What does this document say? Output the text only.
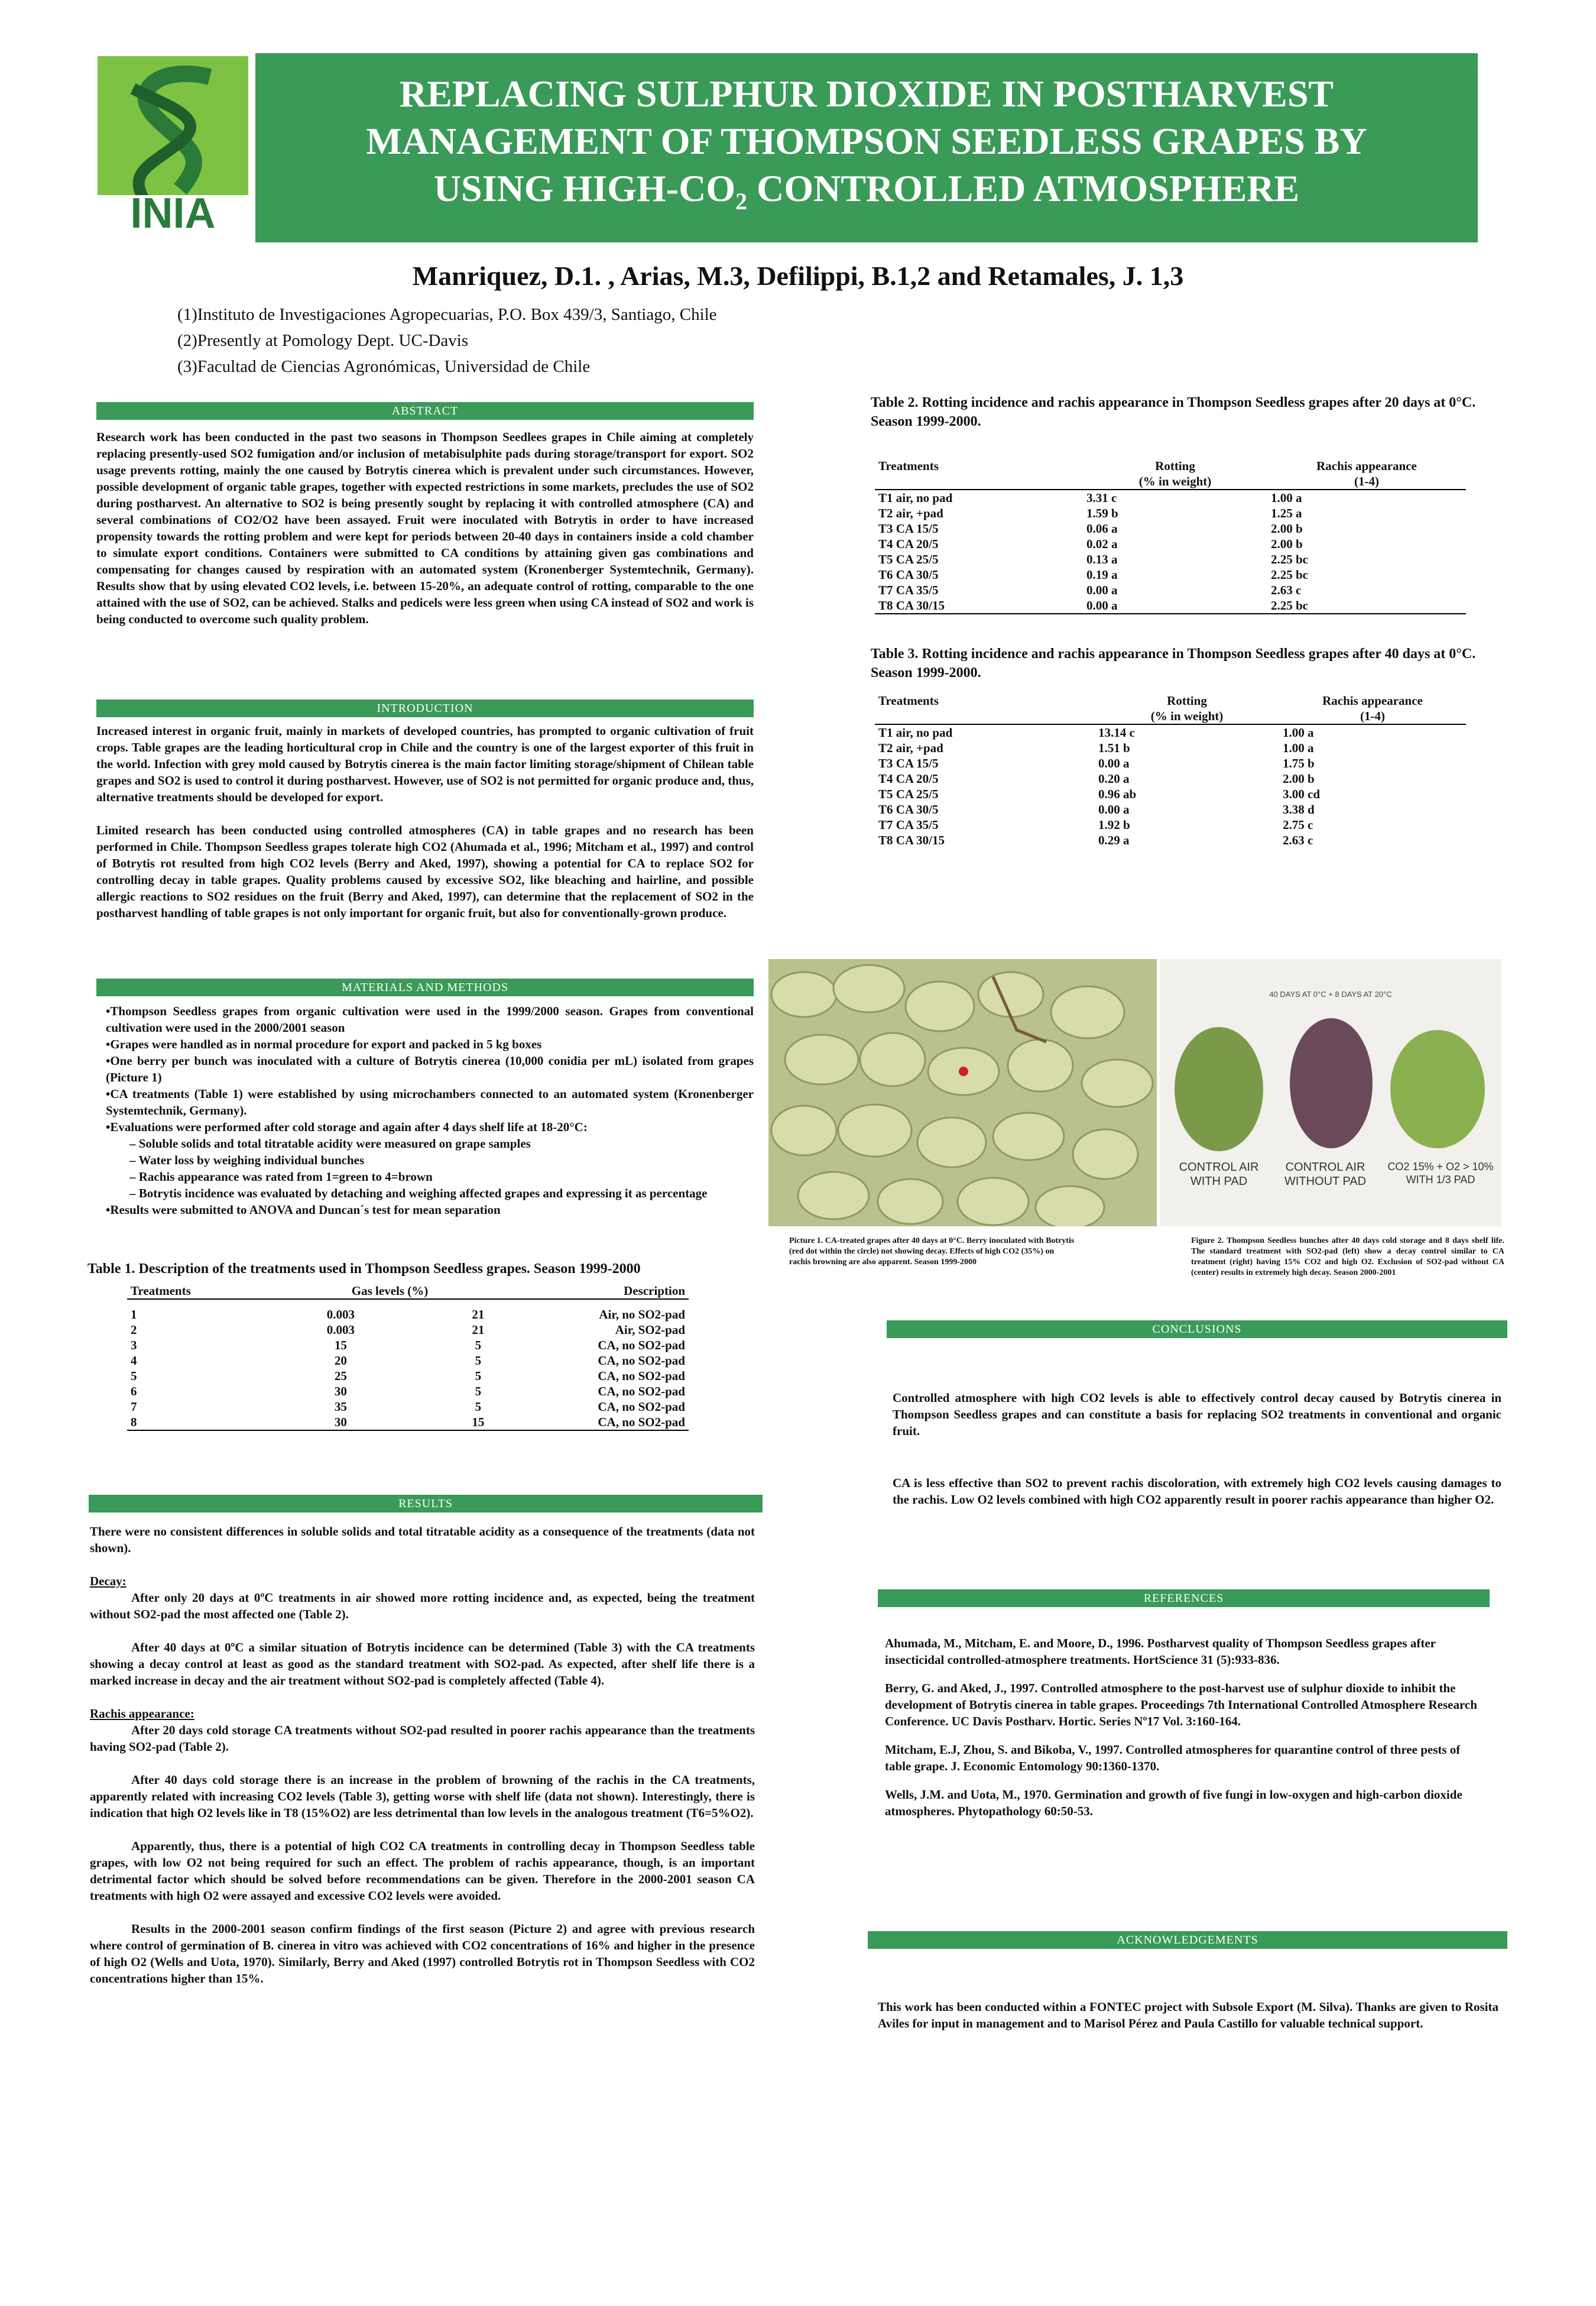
INIA
REPLACING SULPHUR DIOXIDE IN POSTHARVEST
MANAGEMENT OF THOMPSON SEEDLESS GRAPES BY
USING HIGH-$CO_2$ CONTROLLED ATMOSPHERE
Manriquez, D.1. , Arias, M.3, Defilippi, B.1,2 and Retamales, J. 1,3
(1)Instituto de Investigaciones Agropecuarias, P.O. Box 439/3, Santiago, Chile
(2)Presently at Pomology Dept. UC-Davis
(3)Facultad de Ciencias Agronómicas, Universidad de Chile
ABSTRACT
Research work has been conducted in the past two seasons in Thompson Seedlees grapes in Chile aiming at completely replacing presently-used SO2 fumigation and/or inclusion of metabisulphite pads during storage/transport for export. SO2 usage prevents rotting, mainly the one caused by Botrytis cinerea which is prevalent under such circumstances. However, possible development of organic table grapes, together with expected restrictions in some markets, precludes the use of SO2 during postharvest. An alternative to SO2 is being presently sought by replacing it with controlled atmosphere (CA) and several combinations of CO2/O2 have been assayed. Fruit were inoculated with Botrytis in order to have increased propensity towards the rotting problem and were kept for periods between 20-40 days in containers inside a cold chamber to simulate export conditions. Containers were submitted to CA conditions by attaining given gas combinations and compensating for changes caused by respiration with an automated system (Kronenberger Systemtechnik, Germany). Results show that by using elevated CO2 levels, i.e. between 15-20%, an adequate control of rotting, comparable to the one attained with the use of SO2, can be achieved. Stalks and pedicels were less green when using CA instead of SO2 and work is being conducted to overcome such quality problem.
INTRODUCTION

Increased interest in organic fruit, mainly in markets of developed countries, has prompted to organic cultivation of fruit crops. Table grapes are the leading horticultural crop in Chile and the country is one of the largest exporter of this fruit in the world. Infection with grey mold caused by Botrytis cinerea is the main factor limiting storage/shipment of Chilean table grapes and SO2 is used to control it during postharvest. However, use of SO2 is not permitted for organic produce and, thus, alternative treatments should be developed for export.

Limited research has been conducted using controlled atmospheres (CA) in table grapes and no research has been performed in Chile. Thompson Seedless grapes tolerate high CO2 (Ahumada et al., 1996; Mitcham et al., 1997) and control of Botrytis rot resulted from high CO2 levels (Berry and Aked, 1997), showing a potential for CA to replace SO2 for controlling decay in table grapes. Quality problems caused by excessive SO2, like bleaching and hairline, and possible allergic reactions to SO2 residues on the fruit (Berry and Aked, 1997), can determine that the replacement of SO2 in the postharvest handling of table grapes is not only important for organic fruit, but also for conventionally-grown produce.

MATERIALS AND METHODS
•Thompson Seedless grapes from organic cultivation were used in the 1999/2000 season. Grapes from conventional cultivation were used in the 2000/2001 season
•Grapes were handled as in normal procedure for export and packed in 5 kg boxes
•One berry per bunch was inoculated with a culture of Botrytis cinerea (10,000 conidia per mL) isolated from grapes (Picture 1)
•CA treatments (Table 1) were established by using microchambers connected to an automated system (Kronenberger Systemtechnik, Germany).
•Evaluations were performed after cold storage and again after 4 days shelf life at 18-20°C:
– Soluble solids and total titratable acidity were measured on grape samples
– Water loss by weighing individual bunches
– Rachis appearance was rated from 1=green to 4=brown
– Botrytis incidence was evaluated by detaching and weighing affected grapes and expressing it as percentage
•Results were submitted to ANOVA and Duncan´s test for mean separation
Table 1. Description of the treatments used in Thompson Seedless grapes. Season 1999-2000
Treatments	Gas levels (%)		Description

1	0.003	21	Air, no SO2-pad
2	0.003	21	Air, SO2-pad
3	15	5	CA, no SO2-pad
4	20	5	CA, no SO2-pad
5	25	5	CA, no SO2-pad
6	30	5	CA, no SO2-pad
7	35	5	CA, no SO2-pad
8	30	15	CA, no SO2-pad
RESULTS

There were no consistent differences in soluble solids and total titratable acidity as a consequence of the treatments (data not shown).

Decay:

After only 20 days at 0ºC treatments in air showed more rotting incidence and, as expected, being the treatment without SO2-pad the most affected one (Table 2).

After 40 days at 0ºC a similar situation of Botrytis incidence can be determined (Table 3) with the CA treatments showing a decay control at least as good as the standard treatment with SO2-pad. As expected, after shelf life there is a marked increase in decay and the air treatment without SO2-pad is completely affected (Table 4).

Rachis appearance:

After 20 days cold storage CA treatments without SO2-pad resulted in poorer rachis appearance than the treatments having SO2-pad (Table 2).

After 40 days cold storage there is an increase in the problem of browning of the rachis in the CA treatments, apparently related with increasing CO2 levels (Table 3), getting worse with shelf life (data not shown). Interestingly, there is indication that high O2 levels like in T8 (15%O2) are less detrimental than low levels in the analogous treatment (T6=5%O2).

Apparently, thus, there is a potential of high CO2 CA treatments in controlling decay in Thompson Seedless table grapes, with low O2 not being required for such an effect. The problem of rachis appearance, though, is an important detrimental factor which should be solved before recommendations can be given. Therefore in the 2000-2001 season CA treatments with high O2 were assayed and excessive CO2 levels were avoided.

Results in the 2000-2001 season confirm findings of the first season (Picture 2) and agree with previous research where control of germination of B. cinerea in vitro was achieved with CO2 concentrations of 16% and higher in the presence of high O2 (Wells and Uota, 1970). Similarly, Berry and Aked (1997) controlled Botrytis rot in Thompson Seedless with CO2 concentrations higher than 15%.

Table 2. Rotting incidence and rachis appearance in Thompson Seedless grapes after 20 days at 0°C. Season 1999-2000.
Treatments	Rotting	Rachis appearance
	(% in weight)	(1-4)
T1 air, no pad	3.31 c	1.00 a
T2 air, +pad	1.59 b	1.25 a
T3 CA 15/5	0.06 a	2.00 b
T4 CA 20/5	0.02 a	2.00 b
T5 CA 25/5	0.13 a	2.25 bc
T6 CA 30/5	0.19 a	2.25 bc
T7 CA 35/5	0.00 a	2.63 c
T8 CA 30/15	0.00 a	2.25 bc
Table 3. Rotting incidence and rachis appearance in Thompson Seedless grapes after 40 days at 0°C. Season 1999-2000.
Treatments	Rotting	Rachis appearance
	(% in weight)	(1-4)
T1 air, no pad	13.14 c	1.00 a
T2 air, +pad	1.51 b	1.00 a
T3 CA 15/5	0.00 a	1.75 b
T4 CA 20/5	0.20 a	2.00 b
T5 CA 25/5	0.96 ab	3.00 cd
T6 CA 30/5	0.00 a	3.38 d
T7 CA 35/5	1.92 b	2.75 c
T8 CA 30/15	0.29 a	2.63 c
40 DAYS AT 0°C + 8 DAYS AT 20°C
CONTROL AIR WITH PAD
CONTROL AIR WITHOUT PAD
CO2 15% + O2 > 10% WITH 1/3 PAD
Picture 1. CA-treated grapes after 40 days at 0°C. Berry inoculated with Botrytis (red dot within the circle) not showing decay. Effects of high CO2 (35%) on rachis browning are also apparent. Season 1999-2000
Figure 2. Thompson Seedless bunches after 40 days cold storage and 8 days shelf life. The standard treatment with SO2-pad (left) show a decay control similar to CA treatment (right) having 15% CO2 and high O2. Exclusion of SO2-pad without CA (center) results in extremely high decay. Season 2000-2001
CONCLUSIONS

Controlled atmosphere with high CO2 levels is able to effectively control decay caused by Botrytis cinerea in Thompson Seedless grapes and can constitute a basis for replacing SO2 treatments in conventional and organic fruit.

CA is less effective than SO2 to prevent rachis discoloration, with extremely high CO2 levels causing damages to the rachis. Low O2 levels combined with high CO2 apparently result in poorer rachis appearance than higher O2.

REFERENCES

Ahumada, M., Mitcham, E. and Moore, D., 1996. Postharvest quality of Thompson Seedless grapes after insecticidal controlled-atmosphere treatments. HortScience 31 (5):933-836.

Berry, G. and Aked, J., 1997. Controlled atmosphere to the post-harvest use of sulphur dioxide to inhibit the development of Botrytis cinerea in table grapes. Proceedings 7th International Controlled Atmosphere Research Conference. UC Davis Postharv. Hortic. Series Nº17 Vol. 3:160-164.

Mitcham, E.J, Zhou, S. and Bikoba, V., 1997. Controlled atmospheres for quarantine control of three pests of table grape. J. Economic Entomology 90:1360-1370.

Wells, J.M. and Uota, M., 1970. Germination and growth of five fungi in low-oxygen and high-carbon dioxide atmospheres. Phytopathology 60:50-53.

ACKNOWLEDGEMENTS
This work has been conducted within a FONTEC project with Subsole Export (M. Silva). Thanks are given to Rosita Aviles for input in management and to Marisol Pérez and Paula Castillo for valuable technical support.
